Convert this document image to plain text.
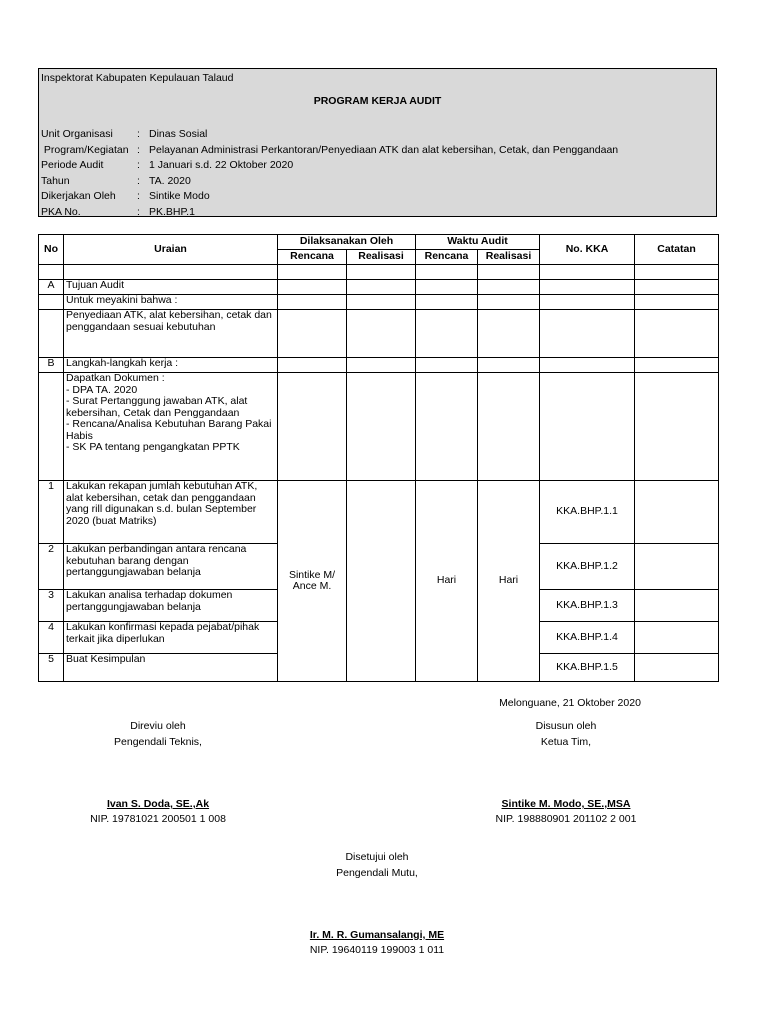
Inspektorat Kabupaten Kepulauan Talaud
PROGRAM KERJA AUDIT
Unit Organisasi	: Dinas Sosial
Program/Kegiatan : Pelayanan Administrasi Perkantoran/Penyediaan ATK dan alat kebersihan, Cetak, dan Penggandaan
Periode Audit	: 1 Januari s.d. 22 Oktober 2020
Tahun	: TA. 2020
Dikerjakan Oleh	: Sintike Modo
PKA No.	: PK.BHP.1
No	Uraian	Dilaksanakan Oleh		Waktu Audit		No. KKA	Catatan
		Rencana	Realisasi	Rencana	Realisasi		

A	Tujuan Audit						
	Untuk meyakini bahwa :						
	Penyediaan ATK, alat kebersihan, cetak dan penggandaan sesuai kebutuhan						
B	Langkah-langkah kerja :						

	Dapatkan Dokumen :
- DPA TA. 2020
- Surat Pertanggung jawaban ATK, alat kebersihan, Cetak dan Penggandaan
- Rencana/Analisa Kebutuhan Barang Pakai Habis
- SK PA tentang pengangkatan PPTK						

1	Lakukan rekapan jumlah kebutuhan ATK, alat kebersihan, cetak dan penggandaan yang rill digunakan s.d. bulan September 2020 (buat Matriks)	Sintike M/ Ance M.		Hari	Hari	KKA.BHP.1.1	
2	Lakukan perbandingan antara rencana kebutuhan barang dengan pertanggungjawaban belanja					KKA.BHP.1.2	
3	Lakukan analisa terhadap dokumen pertanggungjawaban belanja					KKA.BHP.1.3	
4	Lakukan konfirmasi kepada pejabat/pihak terkait jika diperlukan					KKA.BHP.1.4	
5	Buat Kesimpulan					KKA.BHP.1.5	
Melonguane, 21 Oktober 2020
Direviu oleh
Pengendali Teknis,
Ivan S. Doda, SE.,Ak
NIP. 19781021 200501 1 008
Disusun oleh
Ketua Tim,
Sintike M. Modo, SE.,MSA
NIP. 198880901 201102 2 001
Disetujui oleh
Pengendali Mutu,
Ir. M. R. Gumansalangi, ME
NIP. 19640119 199003 1 011
